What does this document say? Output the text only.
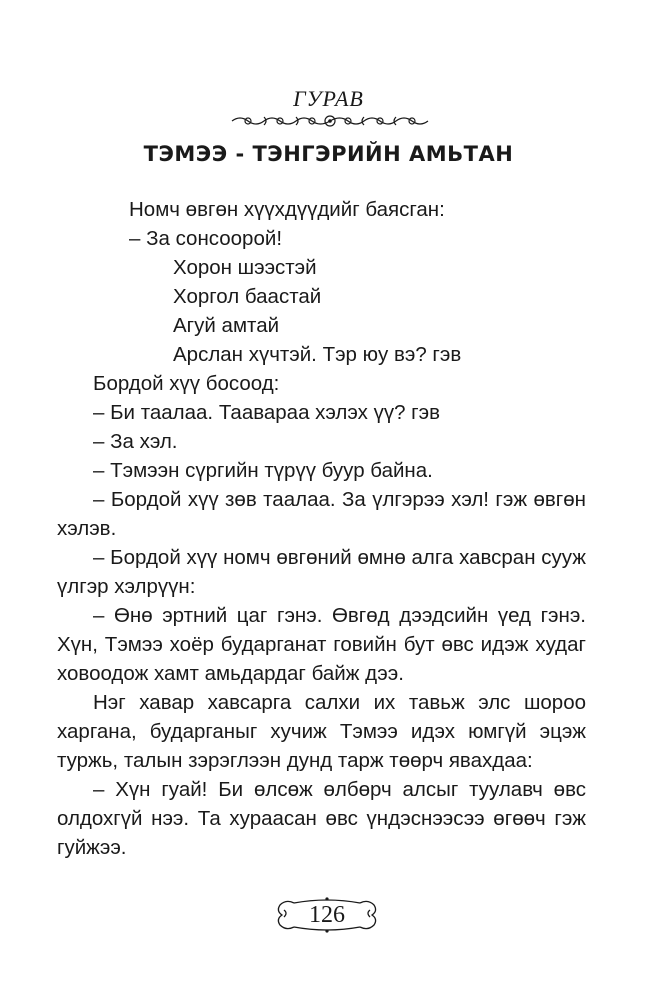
ГУРАВ
ТЭМЭЭ - ТЭНГЭРИЙН АМЬТАН
Номч өвгөн хүүхдүүдийг баясган:
– За сонсоорой!
Хорон шээстэй
Хоргол баастай
Агуй амтай
Арслан хүчтэй. Тэр юу вэ? гэв
Бордой хүү босоод:
– Би таалаа. Тааварaa хэлэх үү? гэв
– За хэл.
– Тэмээн сүргийн түрүү буур байна.
– Бордой хүү зөв таалаа. За үлгэрээ хэл! гэж өвгөн
хэлэв.
– Бордой хүү номч өвгөний өмнө алга хавсран сууж
үлгэр хэлрүүн:
– Өнө эртний цаг гэнэ. Өвгөд дээдсийн үед гэнэ.
Хүн, Тэмээ хоёр бударганат говийн бут өвс идэж худаг
ховоодож хамт амьдардаг байж дээ.
Нэг хавар хавсарга салхи их тавьж элс шороо
харгана, бударганыг хучиж Тэмээ идэх юмгүй эцэж
туржь, талын зэрэглээн дунд тарж төөрч явахдаа:
– Хүн гуай! Би өлсөж өлбөрч алсыг туулавч өвс
олдохгүй нээ. Та хураасан өвс үндэснээсээ өгөөч гэж
гуйжээ.
126
